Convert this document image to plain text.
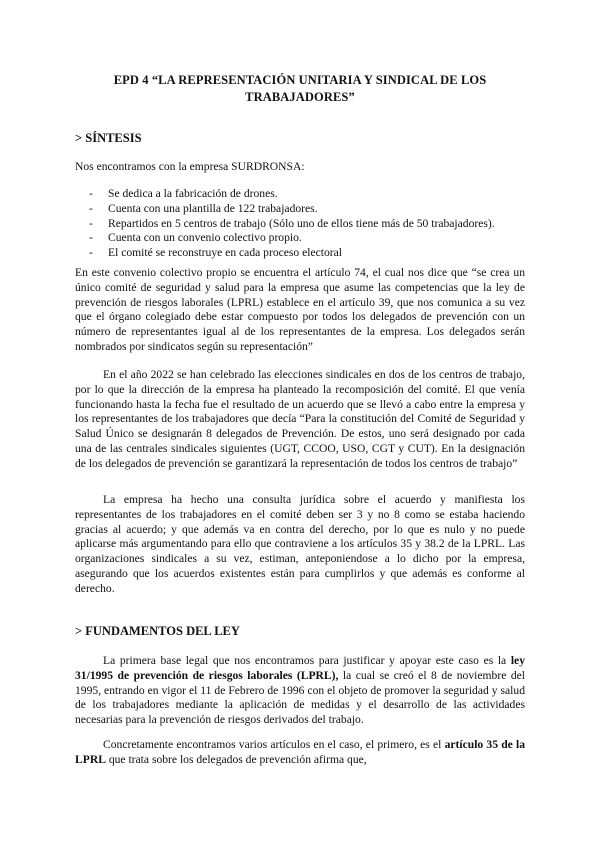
EPD 4 “LA REPRESENTACIÓN UNITARIA Y SINDICAL DE LOS
TRABAJADORES”
> SÍNTESIS

Nos encontramos con la empresa SURDRONSA:

- Se dedica a la fabricación de drones.
- Cuenta con una plantilla de 122 trabajadores.
- Repartidos en 5 centros de trabajo (Sólo uno de ellos tiene más de 50 trabajadores).
- Cuenta con un convenio colectivo propio.
- El comité se reconstruye en cada proceso electoral

En este convenio colectivo propio se encuentra el artículo 74, el cual nos dice que “se crea un único comité de seguridad y salud para la empresa que asume las competencias que la ley de prevención de riesgos laborales (LPRL) establece en el artículo 39, que nos comunica a su vez que el órgano colegiado debe estar compuesto por todos los delegados de prevención con un número de representantes igual al de los representantes de la empresa. Los delegados serán nombrados por sindicatos según su representación”

En el año 2022 se han celebrado las elecciones sindicales en dos de los centros de trabajo, por lo que la dirección de la empresa ha planteado la recomposición del comité. El que venía funcionando hasta la fecha fue el resultado de un acuerdo que se llevó a cabo entre la empresa y los representantes de los trabajadores que decía “Para la constitución del Comité de Seguridad y Salud Único se designarán 8 delegados de Prevención. De estos, uno será designado por cada una de las centrales sindicales siguientes (UGT, CCOO, USO, CGT y CUT). En la designación de los delegados de prevención se garantizará la representación de todos los centros de trabajo”

La empresa ha hecho una consulta jurídica sobre el acuerdo y manifiesta los representantes de los trabajadores en el comité deben ser 3 y no 8 como se estaba haciendo gracias al acuerdo; y que además va en contra del derecho, por lo que es nulo y no puede aplicarse más argumentando para ello que contraviene a los artículos 35 y 38.2 de la LPRL. Las organizaciones sindicales a su vez, estiman, anteponiendose a lo dicho por la empresa, asegurando que los acuerdos existentes están para cumplirlos y que además es conforme al derecho.

> FUNDAMENTOS DEL LEY

La primera base legal que nos encontramos para justificar y apoyar este caso es la ley 31/1995 de prevención de riesgos laborales (LPRL), la cual se creó el 8 de noviembre del 1995, entrando en vigor el 11 de Febrero de 1996 con el objeto de promover la seguridad y salud de los trabajadores mediante la aplicación de medidas y el desarrollo de las actividades necesarias para la prevención de riesgos derivados del trabajo.

Concretamente encontramos varios artículos en el caso, el primero, es el artículo 35 de la LPRL que trata sobre los delegados de prevención afirma que,
